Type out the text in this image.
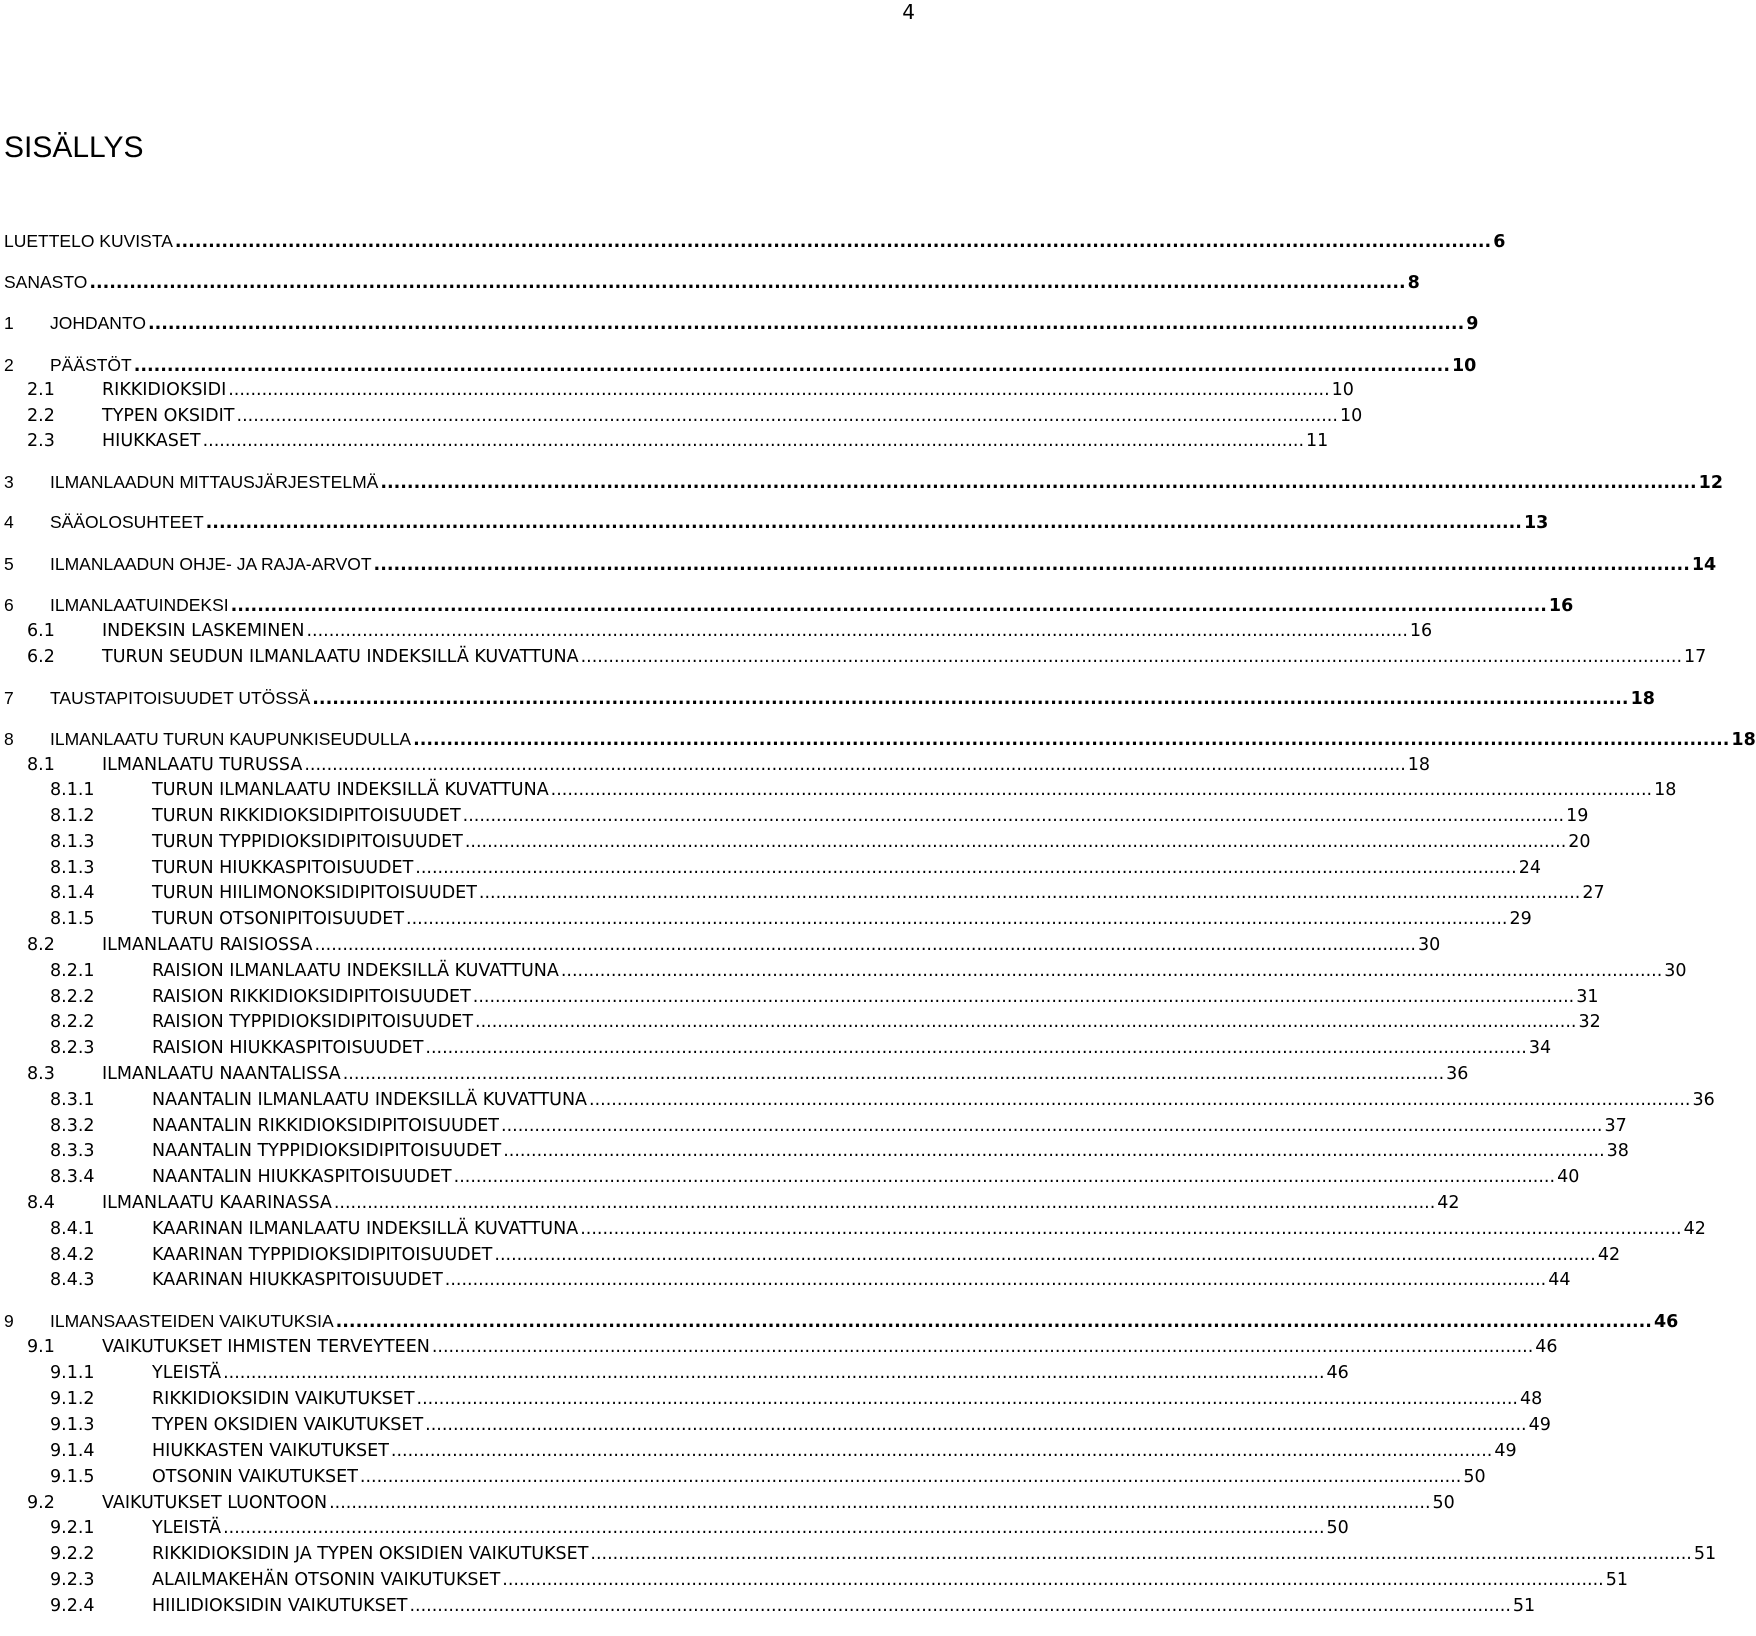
4
SISÄLLYS
LUETTELO KUVISTA .....	6
SANASTO .....	8
1	JOHDANTO .....	9
2	PÄÄSTÖT .....	10
2.1	RIKKIDIOKSIDI .....	10
2.2	TYPEN OKSIDIT .....	10
2.3	HIUKKASET .....	11
3	ILMANLAADUN MITTAUSJÄRJESTELMÄ .....	12
4	SÄÄOLOSUHTEET .....	13
5	ILMANLAADUN OHJE- JA RAJA-ARVOT .....	14
6	ILMANLAATUINDEKSI .....	16
6.1	INDEKSIN LASKEMINEN .....	16
6.2	TURUN SEUDUN ILMANLAATU INDEKSILLÄ KUVATTUNA .....	17
7	TAUSTAPITOISUUDET UTÖSSÄ .....	18
8	ILMANLAATU TURUN KAUPUNKISEUDULLA .....	18
8.1	ILMANLAATU TURUSSA .....	18
8.1.1	TURUN ILMANLAATU INDEKSILLÄ KUVATTUNA .....	18
8.1.2	TURUN RIKKIDIOKSIDIPITOISUUDET .....	19
8.1.3	TURUN TYPPIDIOKSIDIPITOISUUDET .....	20
8.1.3	TURUN HIUKKASPITOISUUDET .....	24
8.1.4	TURUN HIILIMONOKSIDIPITOISUUDET .....	27
8.1.5	TURUN OTSONIPITOISUUDET .....	29
8.2	ILMANLAATU RAISIOSSA .....	30
8.2.1	RAISION ILMANLAATU INDEKSILLÄ KUVATTUNA .....	30
8.2.2	RAISION RIKKIDIOKSIDIPITOISUUDET .....	31
8.2.2	RAISION TYPPIDIOKSIDIPITOISUUDET .....	32
8.2.3	RAISION HIUKKASPITOISUUDET .....	34
8.3	ILMANLAATU NAANTALISSA .....	36
8.3.1	NAANTALIN ILMANLAATU INDEKSILLÄ KUVATTUNA .....	36
8.3.2	NAANTALIN RIKKIDIOKSIDIPITOISUUDET .....	37
8.3.3	NAANTALIN TYPPIDIOKSIDIPITOISUUDET .....	38
8.3.4	NAANTALIN HIUKKASPITOISUUDET .....	40
8.4	ILMANLAATU KAARINASSA .....	42
8.4.1	KAARINAN ILMANLAATU INDEKSILLÄ KUVATTUNA .....	42
8.4.2	KAARINAN TYPPIDIOKSIDIPITOISUUDET .....	42
8.4.3	KAARINAN HIUKKASPITOISUUDET .....	44
9	ILMANSAASTEIDEN VAIKUTUKSIA .....	46
9.1	VAIKUTUKSET IHMISTEN TERVEYTEEN .....	46
9.1.1	YLEISTÄ .....	46
9.1.2	RIKKIDIOKSIDIN VAIKUTUKSET .....	48
9.1.3	TYPEN OKSIDIEN VAIKUTUKSET .....	49
9.1.4	HIUKKASTEN VAIKUTUKSET .....	49
9.1.5	OTSONIN VAIKUTUKSET .....	50
9.2	VAIKUTUKSET LUONTOON .....	50
9.2.1	YLEISTÄ .....	50
9.2.2	RIKKIDIOKSIDIN JA TYPEN OKSIDIEN VAIKUTUKSET .....	51
9.2.3	ALAILMAKEHÄN OTSONIN VAIKUTUKSET .....	51
9.2.4	HIILIDIOKSIDIN VAIKUTUKSET .....	51
